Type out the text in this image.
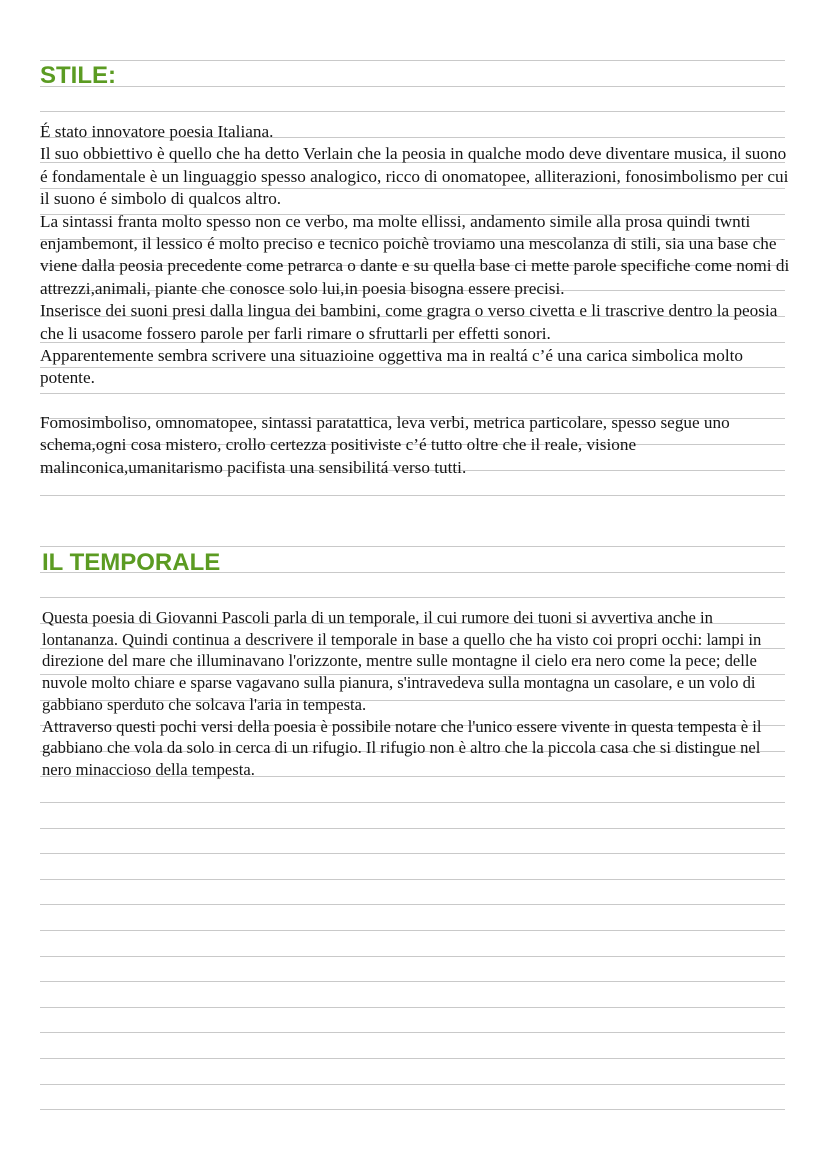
STILE:

É stato innovatore poesia Italiana.

Il suo obbiettivo è quello che ha detto Verlain che la peosia in qualche modo deve diventare musica, il suono é fondamentale è un linguaggio spesso analogico, ricco di onomatopee, alliterazioni, fonosimbolismo per cui il suono é simbolo di qualcos altro.

La sintassi franta molto spesso non ce verbo, ma molte ellissi, andamento simile alla prosa quindi twnti enjambemont, il lessico é molto preciso e tecnico poichè troviamo una mescolanza di stili, sia una base che viene dalla peosia precedente come petrarca o dante e su quella base ci mette parole specifiche come nomi di attrezzi,animali, piante che conosce solo lui,in poesia bisogna essere precisi.

Inserisce dei suoni presi dalla lingua dei bambini, come gragra o verso civetta e li trascrive dentro la peosia che li usacome fossero parole per farli rimare o sfruttarli per effetti sonori.

Apparentemente sembra scrivere una situazioine oggettiva ma in realtá c’é una carica simbolica molto potente.

Fomosimboliso, omnomatopee, sintassi paratattica, leva verbi, metrica particolare, spesso segue uno schema,ogni cosa mistero, crollo certezza positiviste c’é tutto oltre che il reale, visione malinconica,umanitarismo pacifista una sensibilitá verso tutti.

IL TEMPORALE

Questa poesia di Giovanni Pascoli parla di un temporale, il cui rumore dei tuoni si avvertiva anche in lontananza. Quindi continua a descrivere il temporale in base a quello che ha visto coi propri occhi: lampi in direzione del mare che illuminavano l'orizzonte, mentre sulle montagne il cielo era nero come la pece; delle nuvole molto chiare e sparse vagavano sulla pianura, s'intravedeva sulla montagna un casolare, e un volo di gabbiano sperduto che solcava l'aria in tempesta.

Attraverso questi pochi versi della poesia è possibile notare che l'unico essere vivente in questa tempesta è il gabbiano che vola da solo in cerca di un rifugio. Il rifugio non è altro che la piccola casa che si distingue nel nero minaccioso della tempesta.
